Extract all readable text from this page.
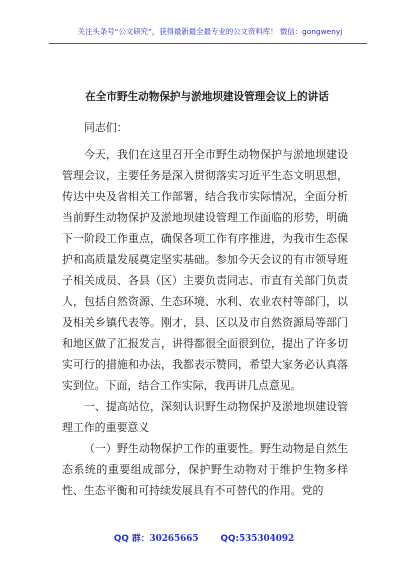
关注头条号“公文研究”，获得最新最全最专业的公文资料库！ 微信：gongwenyj
在全市野生动物保护与淤地坝建设管理会议上的讲话

同志们：

今天，我们在这里召开全市野生动物保护与淤地坝建设管理会议，主要任务是深入贯彻落实习近平生态文明思想，传达中央及省相关工作部署，结合我市实际情况，全面分析当前野生动物保护及淤地坝建设管理工作面临的形势，明确下一阶段工作重点，确保各项工作有序推进，为我市生态保护和高质量发展奠定坚实基础。参加今天会议的有市领导班子相关成员、各县（区）主要负责同志、市直有关部门负责人，包括自然资源、生态环境、水利、农业农村等部门，以及相关乡镇代表等。刚才，县、区以及市自然资源局等部门和地区做了汇报发言，讲得都很全面很到位，提出了许多切实可行的措施和办法，我都表示赞同，希望大家务必认真落实到位。下面，结合工作实际，我再讲几点意见。

一、提高站位，深刻认识野生动物保护及淤地坝建设管理工作的重要意义

（一）野生动物保护工作的重要性。野生动物是自然生态系统的重要组成部分，保护野生动物对于维护生物多样性、生态平衡和可持续发展具有不可替代的作用。党的

QQ 群：30265665	QQ:535304092
